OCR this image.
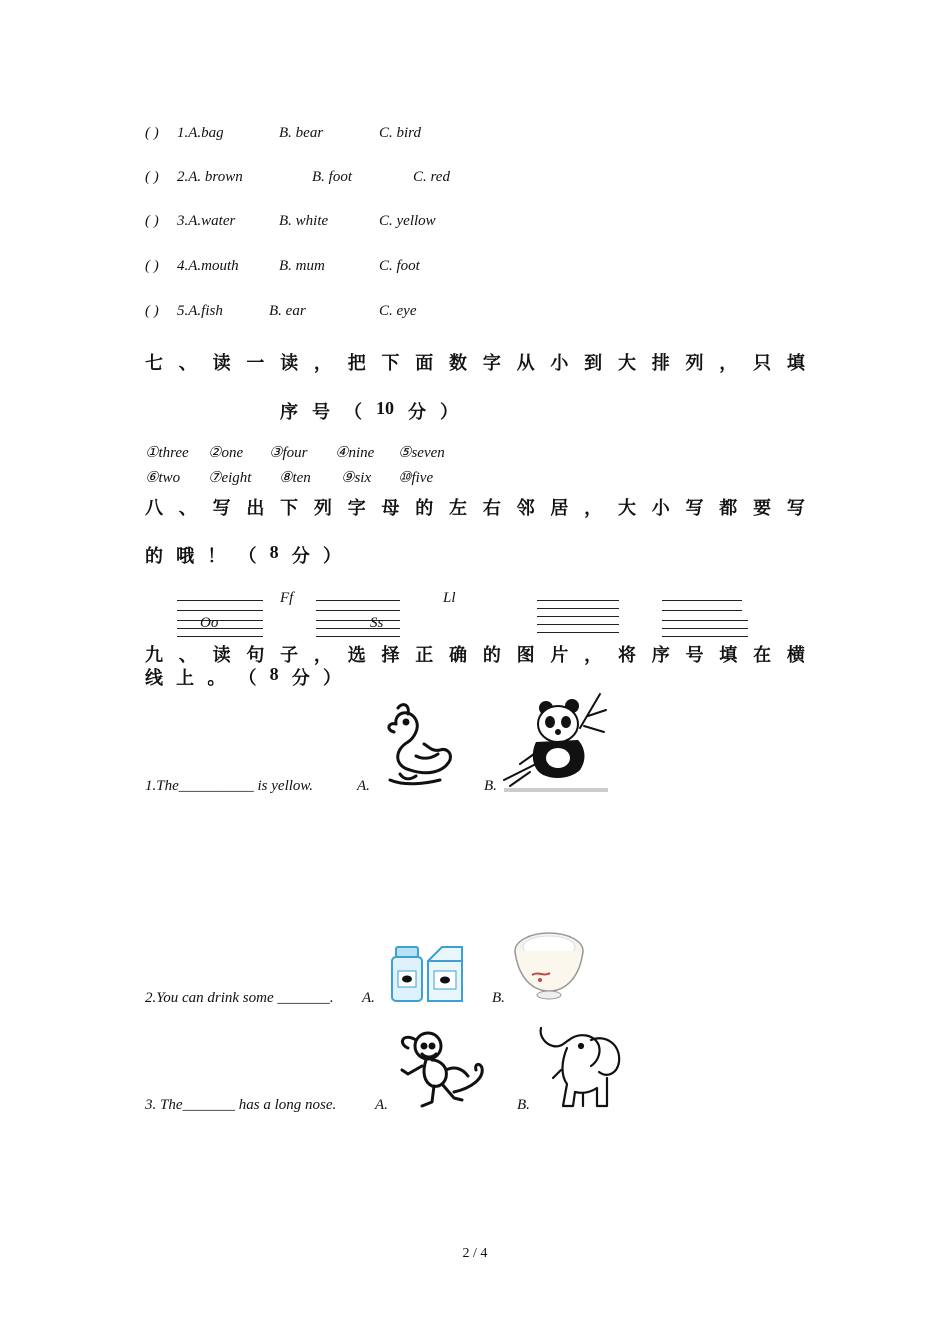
( ) 1.A.bag	B. bear	C. bird
( ) 2.A. brown	B. foot	C. red
( ) 3.A.water	B. white	C. yellow
( ) 4.A.mouth	B. mum	C. foot
( ) 5.A.fish	B. ear	C. eye
七 、 读 一 读 ， 把 下 面 数 字 从 小 到 大 排 列 ， 只 填
序 号 （ 10 分 ）
①three ②one ③four ④nine ⑤seven
⑥two ⑦eight ⑧ten ⑨six ⑩five
八 、 写 出 下 列 字 母 的 左 右 邻 居 ， 大 小 写 都 要 写
的 哦 ！ （ 8 分 ）
Ff	Ll
Oo	Ss
九 、 读 句 子 ， 选 择 正 确 的 图 片 ， 将 序 号 填 在 横
线 上 。 （ 8 分 ）
1.The__________ is yellow.	A.	B.
2.You can drink some _______. A.	B.
3. The_______ has a long nose.	A.	B.
2 / 4
